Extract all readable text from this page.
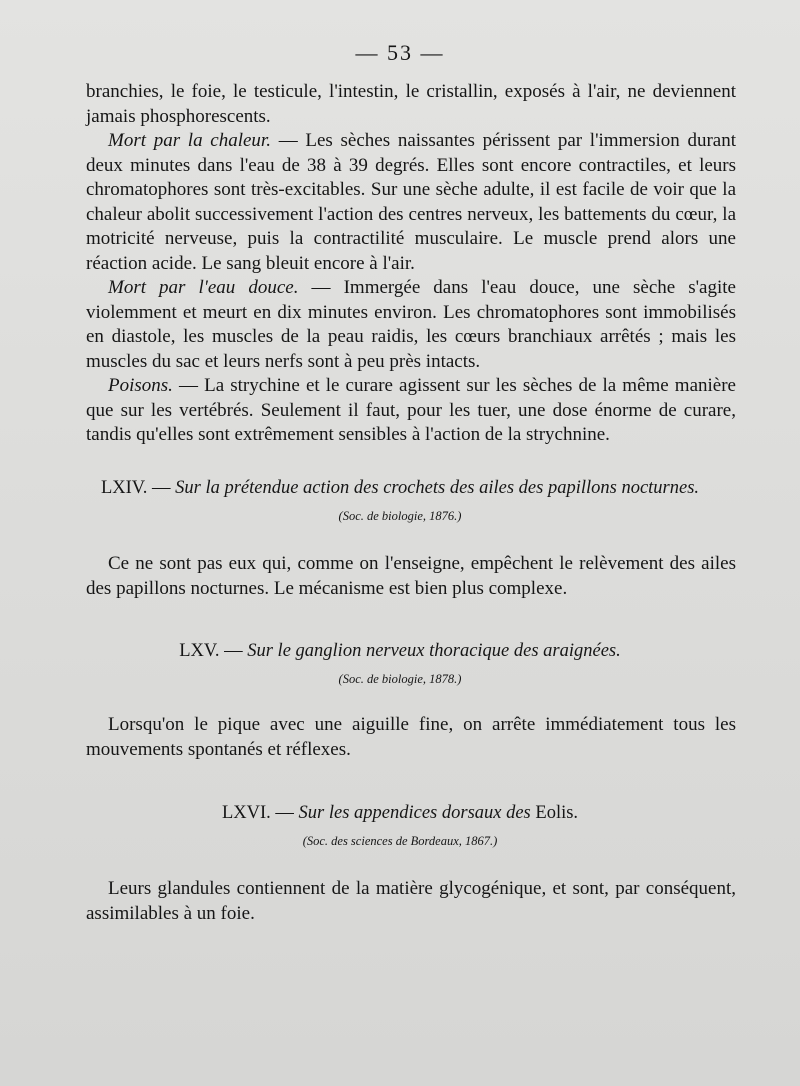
— 53 —

branchies, le foie, le testicule, l'intestin, le cristallin, exposés à l'air, ne deviennent jamais phosphorescents.

Mort par la chaleur. — Les sèches naissantes périssent par l'immersion durant deux minutes dans l'eau de 38 à 39 degrés. Elles sont encore contractiles, et leurs chromatophores sont très-excitables. Sur une sèche adulte, il est facile de voir que la chaleur abolit successivement l'action des centres nerveux, les battements du cœur, la motricité nerveuse, puis la contractilité musculaire. Le muscle prend alors une réaction acide. Le sang bleuit encore à l'air.

Mort par l'eau douce. — Immergée dans l'eau douce, une sèche s'agite violemment et meurt en dix minutes environ. Les chromatophores sont immobilisés en diastole, les muscles de la peau raidis, les cœurs branchiaux arrêtés ; mais les muscles du sac et leurs nerfs sont à peu près intacts.

Poisons. — La strychine et le curare agissent sur les sèches de la même manière que sur les vertébrés. Seulement il faut, pour les tuer, une dose énorme de curare, tandis qu'elles sont extrêmement sensibles à l'action de la strychnine.

LXIV. — Sur la prétendue action des crochets des ailes des papillons nocturnes.
(Soc. de biologie, 1876.)
Ce ne sont pas eux qui, comme on l'enseigne, empêchent le relèvement des ailes des papillons nocturnes. Le mécanisme est bien plus complexe.
LXV. — Sur le ganglion nerveux thoracique des araignées.
(Soc. de biologie, 1878.)
Lorsqu'on le pique avec une aiguille fine, on arrête immédiatement tous les mouvements spontanés et réflexes.
LXVI. — Sur les appendices dorsaux des Eolis.
(Soc. des sciences de Bordeaux, 1867.)
Leurs glandules contiennent de la matière glycogénique, et sont, par conséquent, assimilables à un foie.
